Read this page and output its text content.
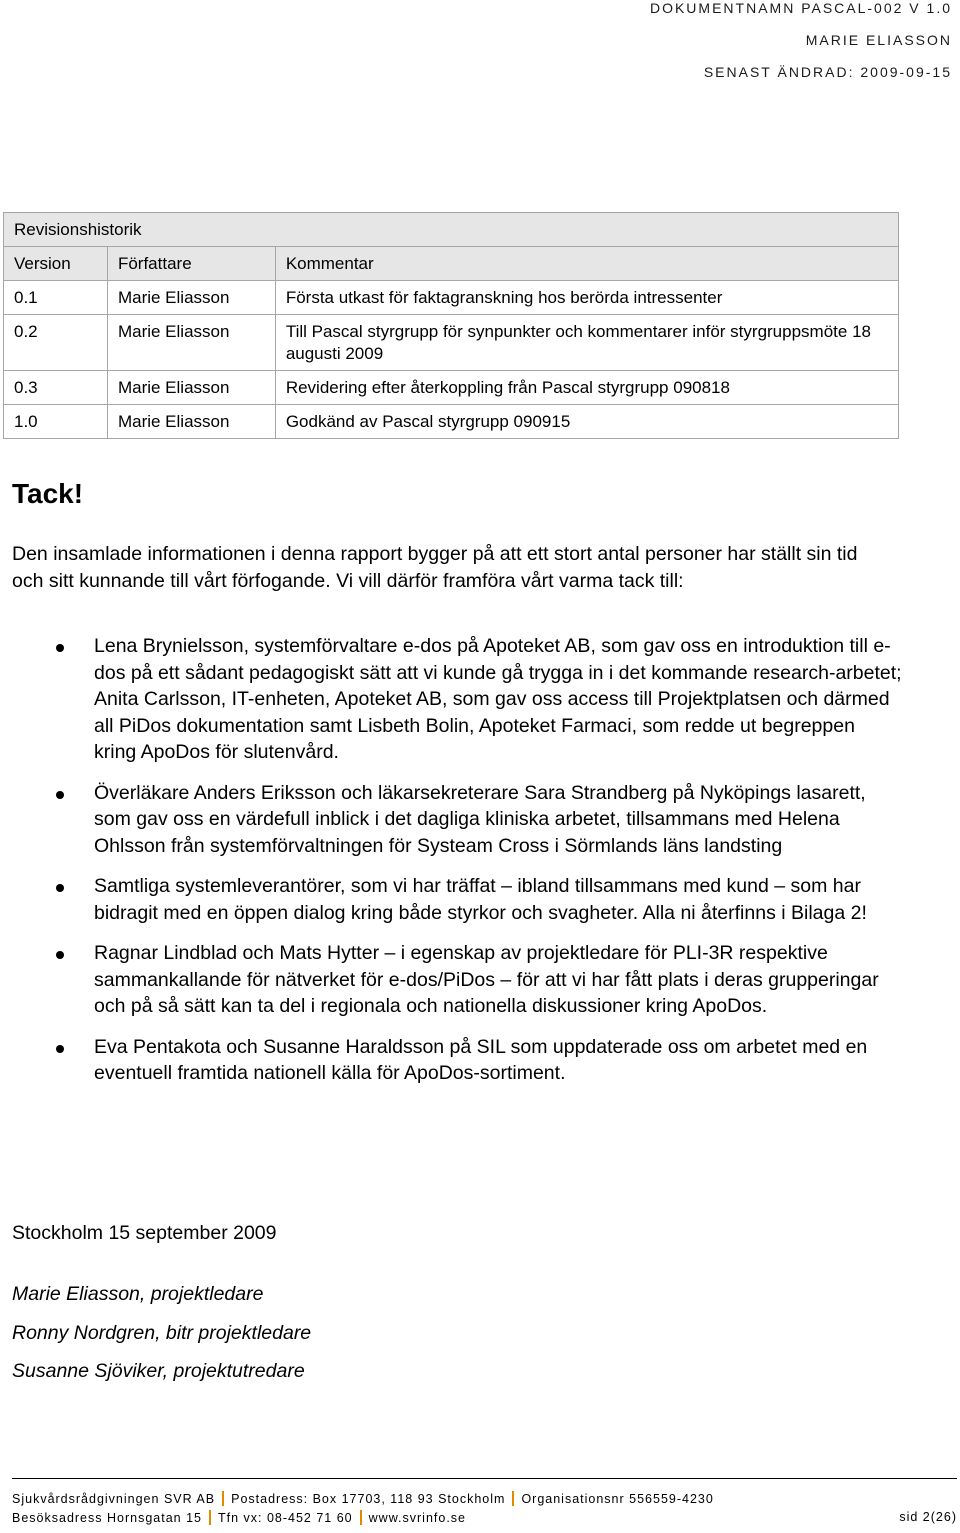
DOKUMENTNAMN PASCAL-002 V 1.0
MARIE ELIASSON
SENAST ÄNDRAD: 2009-09-15
Revisionshistorik		
Version	Författare	Kommentar
0.1	Marie Eliasson	Första utkast för faktagranskning hos berörda intressenter
0.2	Marie Eliasson	Till Pascal styrgrupp för synpunkter och kommentarer inför styrgruppsmöte 18 augusti 2009
0.3	Marie Eliasson	Revidering efter återkoppling från Pascal styrgrupp 090818
1.0	Marie Eliasson	Godkänd av Pascal styrgrupp 090915
Tack!

Den insamlade informationen i denna rapport bygger på att ett stort antal personer har ställt sin tid och sitt kunnande till vårt förfogande. Vi vill därför framföra vårt varma tack till:

Lena Brynielsson, systemförvaltare e-dos på Apoteket AB, som gav oss en introduktion till e-dos på ett sådant pedagogiskt sätt att vi kunde gå trygga in i det kommande research-arbetet; Anita Carlsson, IT-enheten, Apoteket AB, som gav oss access till Projektplatsen och därmed all PiDos dokumentation samt Lisbeth Bolin, Apoteket Farmaci, som redde ut begreppen kring ApoDos för slutenvård.
Överläkare Anders Eriksson och läkarsekreterare Sara Strandberg på Nyköpings lasarett, som gav oss en värdefull inblick i det dagliga kliniska arbetet, tillsammans med Helena Ohlsson från systemförvaltningen för Systeam Cross i Sörmlands läns landsting
Samtliga systemleverantörer, som vi har träffat – ibland tillsammans med kund – som har bidragit med en öppen dialog kring både styrkor och svagheter. Alla ni återfinns i Bilaga 2!
Ragnar Lindblad och Mats Hytter – i egenskap av projektledare för PLI-3R respektive sammankallande för nätverket för e-dos/PiDos – för att vi har fått plats i deras grupperingar och på så sätt kan ta del i regionala och nationella diskussioner kring ApoDos.
Eva Pentakota och Susanne Haraldsson på SIL som uppdaterade oss om arbetet med en eventuell framtida nationell källa för ApoDos-sortiment.
Stockholm 15 september 2009
Marie Eliasson, projektledare
Ronny Nordgren, bitr projektledare
Susanne Sjöviker, projektutredare
Sjukvårdsrådgivningen SVR AB Postadress: Box 17703, 118 93 Stockholm Organisationsnr 556559-4230
Besöksadress Hornsgatan 15 Tfn vx: 08-452 71 60 www.svrinfo.se	sid 2(26)
